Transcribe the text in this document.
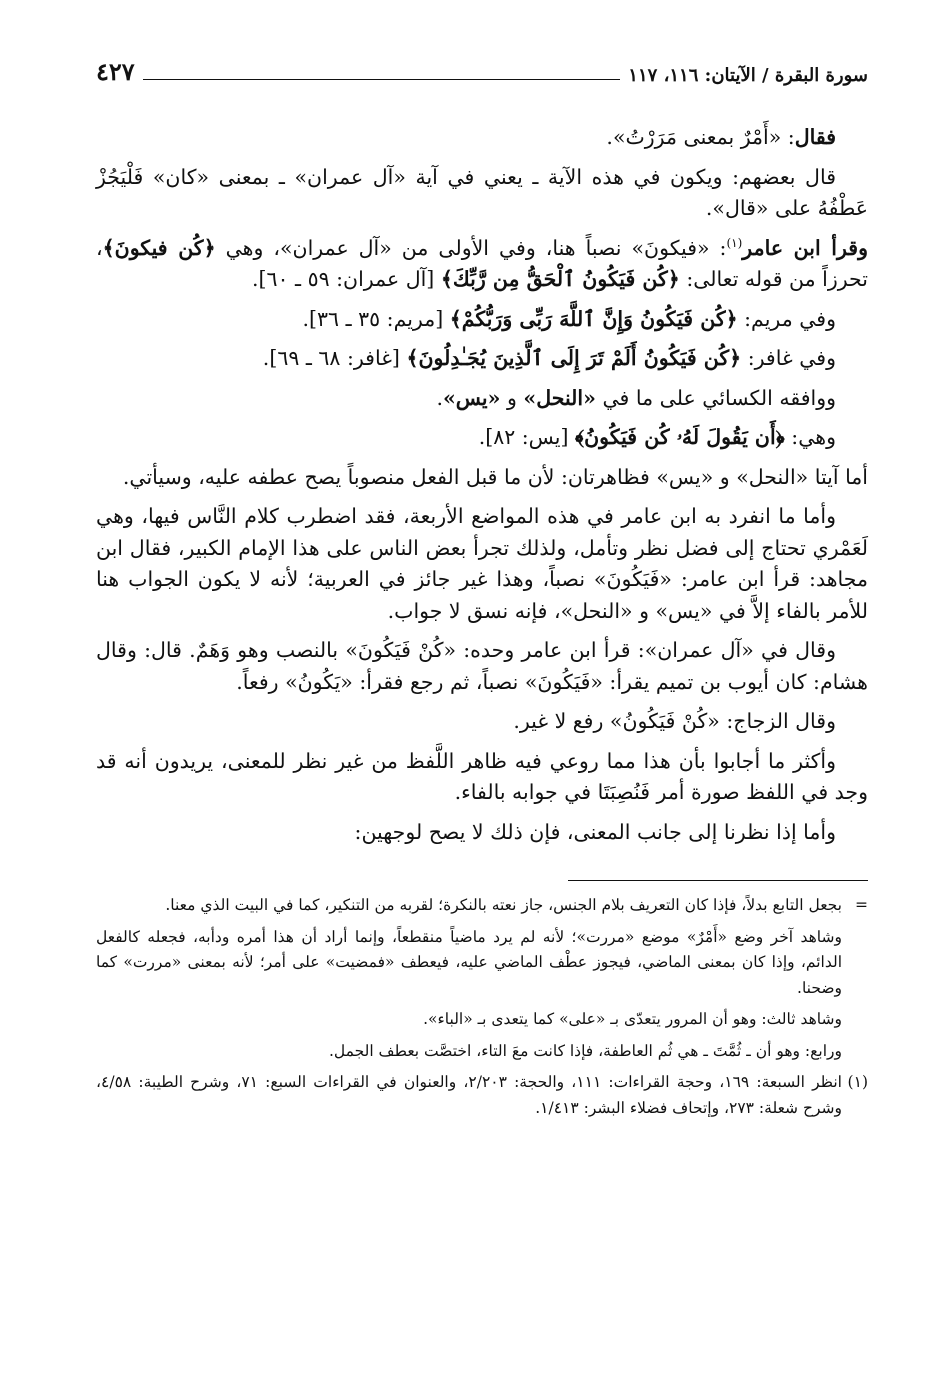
سورة البقرة / الآيتان: ١١٦، ١١٧
٤٢٧

فقال: «أَمْرٌ بمعنى مَرَرْتُ».

قال بعضهم: ويكون في هذه الآية ـ يعني في آية «آل عمران» ـ بمعنى «كان» فَلْيَجُزْ عَطْفُهُ على «قال».

وقرأ ابن عامر$^{(١)}$: «فيكونَ» نصباً هنا، وفي الأولى من «آل عمران»، وهي ﴿كُن فيكونَ﴾، تحرزاً من قوله تعالى: ﴿كُن فَيَكُونُ ٱلْحَقُّ مِن رَّبِّكَ﴾ [آل عمران: ٥٩ ـ ٦٠].

وفي مريم: ﴿كُن فَيَكُونُ وَإِنَّ ٱللَّهَ رَبِّى وَرَبُّكُمْ﴾ [مريم: ٣٥ ـ ٣٦].

وفي غافر: ﴿كُن فَيَكُونُ أَلَمْ تَرَ إِلَى ٱلَّذِينَ يُجَـٰدِلُونَ﴾ [غافر: ٦٨ ـ ٦٩].

ووافقه الكسائي على ما في «النحل» و «يس».

وهي: ﴿أَن يَقُولَ لَهُۥ كُن فَيَكُونُ﴾ [يس: ٨٢].

أما آيتا «النحل» و «يس» فظاهرتان: لأن ما قبل الفعل منصوباً يصح عطفه عليه، وسيأتي.

وأما ما انفرد به ابن عامر في هذه المواضع الأربعة، فقد اضطرب كلام النَّاس فيها، وهي لَعَمْري تحتاج إلى فضل نظر وتأمل، ولذلك تجرأ بعض الناس على هذا الإمام الكبير، فقال ابن مجاهد: قرأ ابن عامر: «فَيَكُونَ» نصباً، وهذا غير جائز في العربية؛ لأنه لا يكون الجواب هنا للأمر بالفاء إلاَّ في «يس» و «النحل»، فإنه نسق لا جواب.

وقال في «آل عمران»: قرأ ابن عامر وحده: «كُنْ فَيَكُونَ» بالنصب وهو وَهَمٌ. قال: وقال هشام: كان أيوب بن تميم يقرأ: «فَيَكُونَ» نصباً، ثم رجع فقرأ: «يَكُونُ» رفعاً.

وقال الزجاج: «كُنْ فَيَكُونُ» رفع لا غير.

وأكثر ما أجابوا بأن هذا مما روعي فيه ظاهر اللَّفظ من غير نظر للمعنى، يريدون أنه قد وجد في اللفظ صورة أمر فَنُصِبَتَا في جوابه بالفاء.

وأما إذا نظرنا إلى جانب المعنى، فإن ذلك لا يصح لوجهين:

=
بجعل التابع بدلاً، فإذا كان التعريف بلام الجنس، جاز نعته بالنكرة؛ لقربه من التنكير، كما في البيت الذي معنا.

وشاهد آخر وضع «أَمْرٌ» موضع «مررت»؛ لأنه لم يرد ماضياً منقطعاً، وإنما أراد أن هذا أمره ودأبه، فجعله كالفعل الدائم، وإذا كان بمعنى الماضي، فيجوز عطْف الماضي عليه، فيعطف «فمضيت» على أمر؛ لأنه بمعنى «مررت» كما وضحنا.

وشاهد ثالث: وهو أن المرور يتعدّى بـ «على» كما يتعدى بـ «الباء».

ورابع: وهو أن ـ ثُمَّتَ ـ هي ثُم العاطفة، فإذا كانت معَ التاء، اختصَّت بعطف الجمل.

(١)
انظر السبعة: ١٦٩، وحجة القراءات: ١١١، والحجة: ٢/٢٠٣، والعنوان في القراءات السبع: ٧١، وشرح الطيبة: ٤/٥٨، وشرح شعلة: ٢٧٣، وإتحاف فضلاء البشر: ١/٤١٣.
